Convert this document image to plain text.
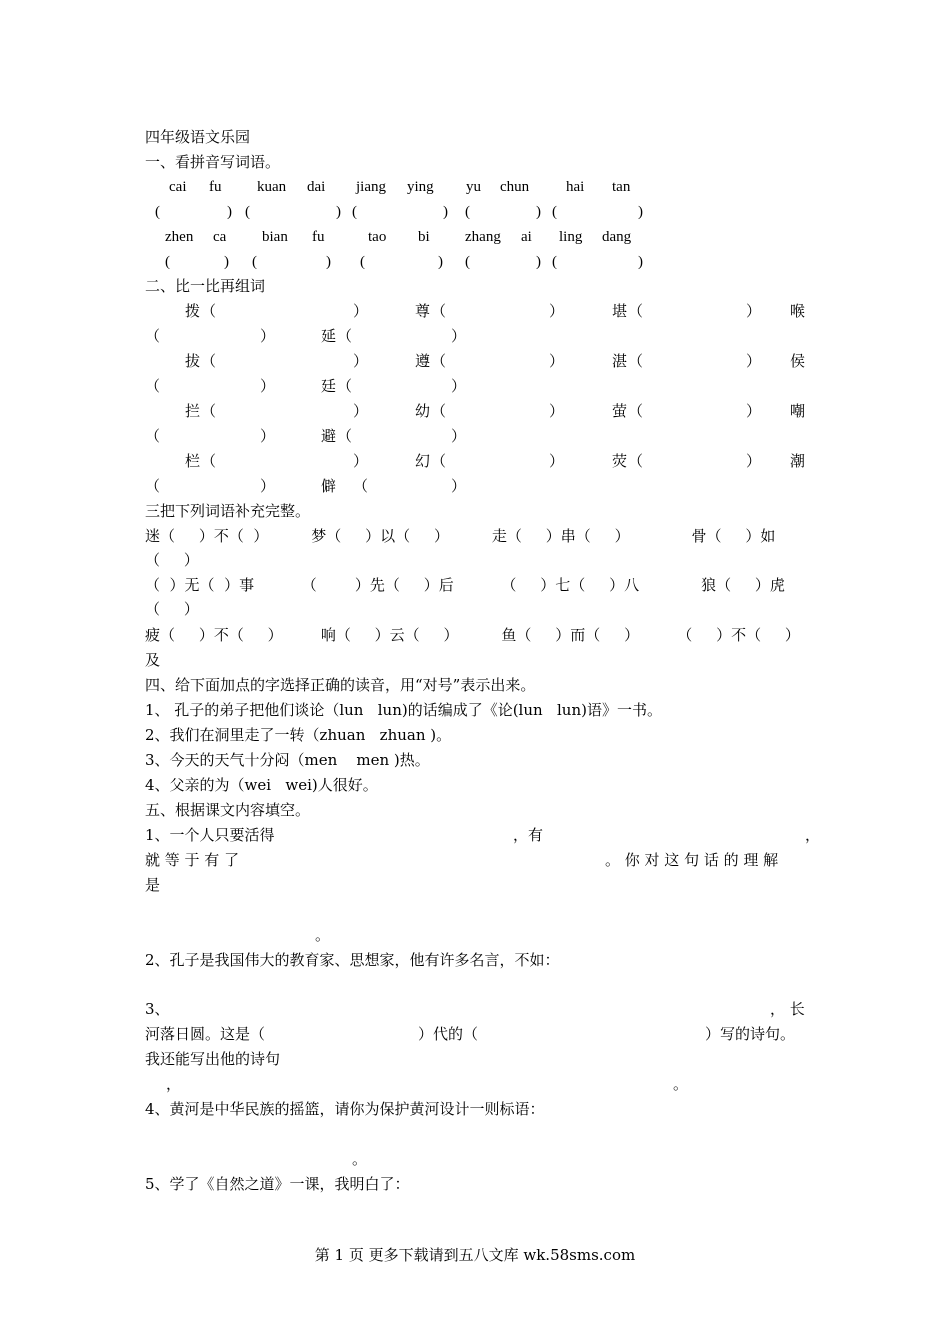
四年级语文乐园
一、看拼音写词语。
cai fu kuan dai jiang ying yu chun hai tan
(	) (	) (	) (	) (	)
zhen ca bian fu	tao bi zhang ai ling dang
(	) (	) (	) (	) (	)
二、比一比再组词
拨 （	）	尊 （	）	堪 （	） 喉
（	）	延 （	）
拔 （	）	遵 （	）	湛 （	） 侯
（	）	廷 （	）
拦 （	）	幼 （	）	萤 （	） 嘲
（	）	避 （	）
栏 （	）	幻 （	）	荧 （	） 潮
（	）	僻 （	）
三把下列词语补充完整。
迷（     ）不（  ）         梦（     ）以（     ）         走（     ）串（     ）             骨（     ）如
（     ）
（  ）无（  ）事          （        ）先（     ）后          （     ）七（     ）八             狼（     ）虎
（     ）
疲（     ）不（     ）        响（     ）云（     ）         鱼（     ）而（     ）        （     ）不（     ）
及
四、给下面加点的字选择正确的读音，用“对号”表示出来。
1、 孔子的弟子把他们谈论（lun   lun)的话编成了《论(lun   lun)语》一书。
2、我们在洞里走了一转（zhuan   zhuan )。
3、今天的天气十分闷（men    men )热。
4、父亲的为（wei   wei)人很好。
五、根据课文内容填空。
1、一个人只要活得	，有	，
就 等 于 有 了	。 你 对 这 句 话 的 理 解
是
。
2、孔子是我国伟大的教育家、思想家，他有许多名言，不如：
3、	， 长
河落日圆。这是（	）代的（	）写的诗句。
我还能写出他的诗句
，	。
4、黄河是中华民族的摇篮，请你为保护黄河设计一则标语：
。
5、学了《自然之道》一课，我明白了：
第 1 页 更多下载请到五八文库 wk.58sms.com
